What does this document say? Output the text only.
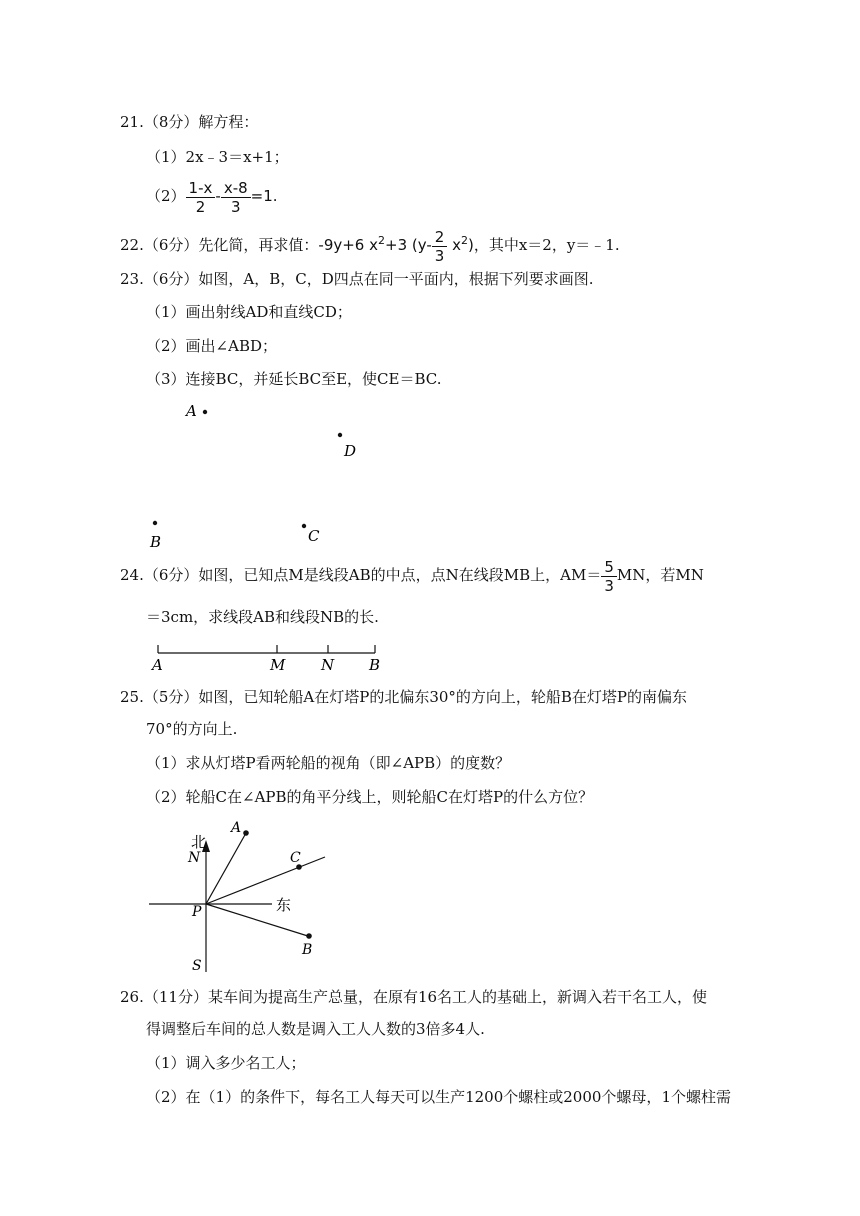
21.（8分）解方程：
（1）2x﹣3＝x+1；
$(2) \frac{1-x}{2} - \frac{x-8}{3} =1$.
22.（6分）先化简，再求值：-9y+6 $x^2+3$ $(y- \frac{2}{3} x^2)$，其中x＝2，y＝﹣1.
23.（6分）如图，A，B，C，D四点在同一平面内，根据下列要求画图.
（1）画出射线AD和直线CD；
（2）画出∠ABD；
（3）连接BC，并延长BC至E，使CE＝BC.
A
D
B	C
24.（6分）如图，已知点M是线段AB的中点，点N在线段MB上，$AM= \frac{5}{3}$ MN，若MN
＝3cm，求线段AB和线段NB的长.
A	M N B
25.（5分）如图，已知轮船A在灯塔P的北偏东30°的方向上，轮船B在灯塔P的南偏东
70°的方向上.
（1）求从灯塔P看两轮船的视角（即∠APB）的度数？
（2）轮船C在∠APB的角平分线上，则轮船C在灯塔P的什么方位？
北
N
东
S
P
A
C
B
26.（11分）某车间为提高生产总量，在原有16名工人的基础上，新调入若干名工人，使
得调整后车间的总人数是调入工人人数的3倍多4人.
（1）调入多少名工人；
（2）在（1）的条件下，每名工人每天可以生产1200个螺柱或2000个螺母，1个螺柱需
